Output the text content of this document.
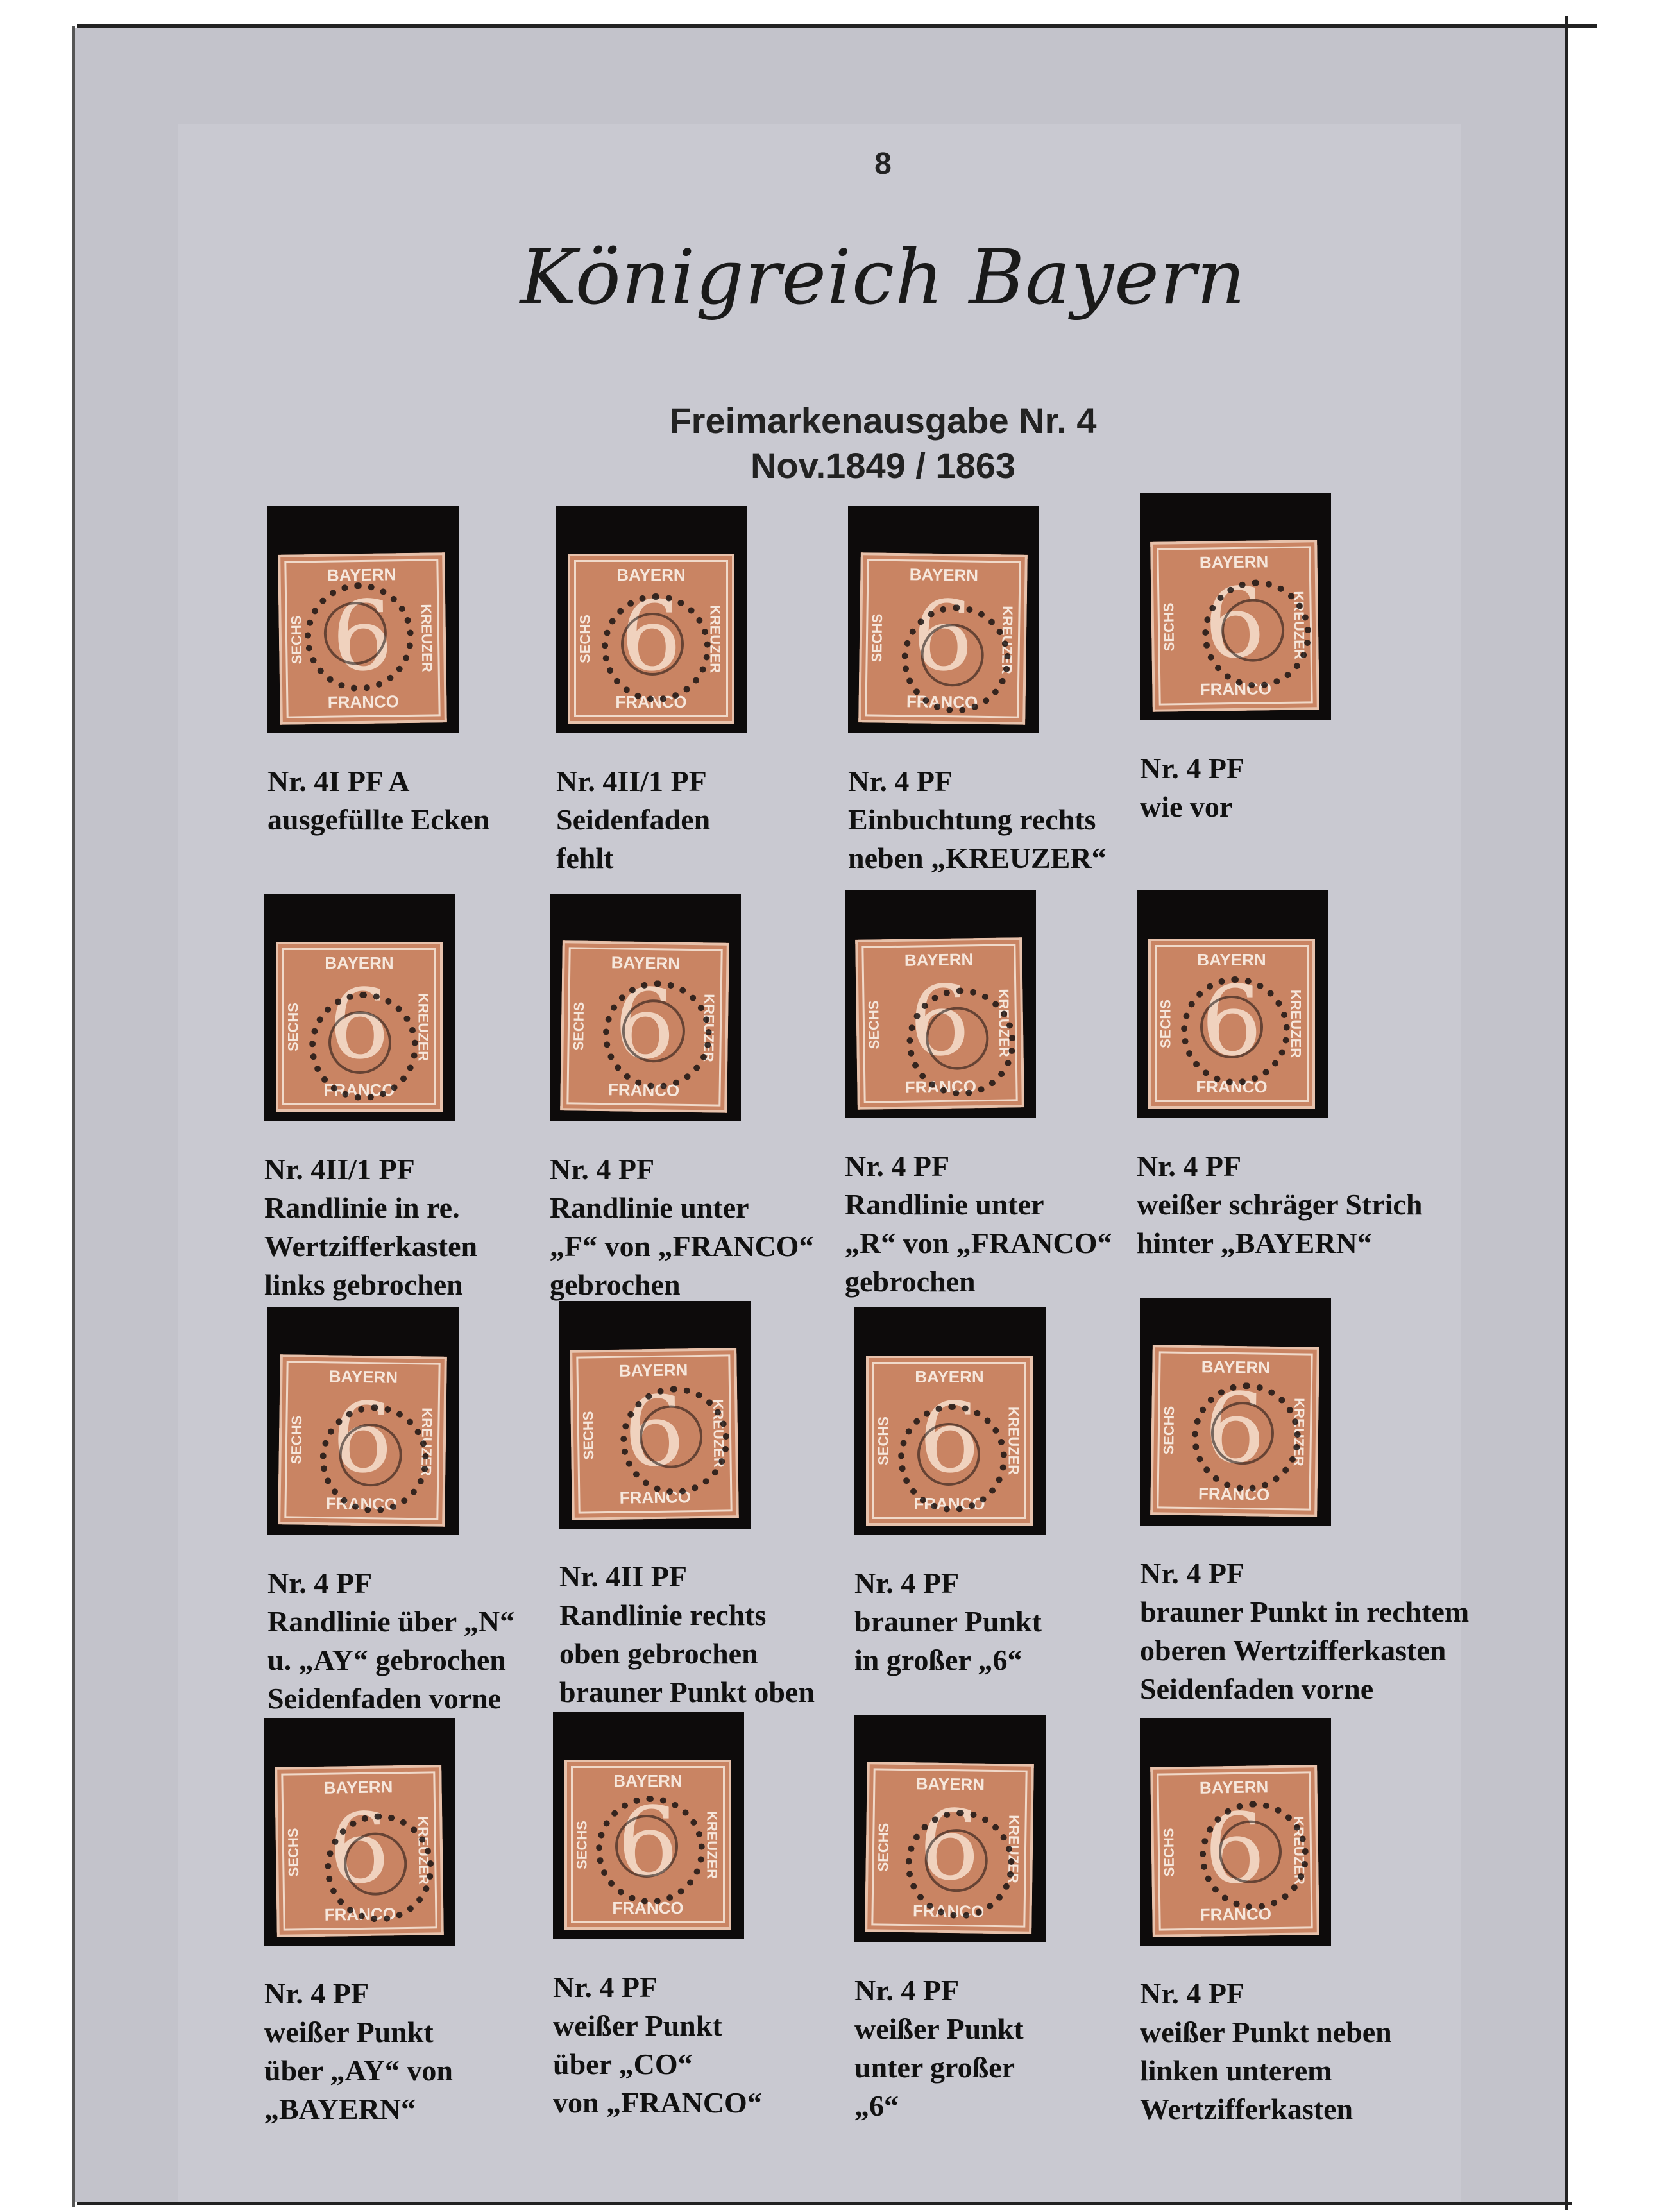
8
Königreich Bayern
Freimarkenausgabe Nr. 4
Nov.1849 / 1863
BAYERN
FRANCO
SECHS	KREUZER
6
Nr. 4I PF A
ausgefüllte Ecken
BAYERN
FRANCO
SECHS	KREUZER
6
Nr. 4II/1 PF
Seidenfaden
fehlt
BAYERN
FRANCO
SECHS	KREUZER
6
Nr. 4 PF
Einbuchtung rechts
neben „KREUZER“
BAYERN
FRANCO
SECHS	KREUZER
6
Nr. 4 PF
wie vor
BAYERN
FRANCO
SECHS	KREUZER
6
Nr. 4II/1 PF
Randlinie in re.
Wertzifferkasten
links gebrochen
BAYERN
FRANCO
SECHS	KREUZER
6
Nr. 4 PF
Randlinie unter
„F“ von „FRANCO“
gebrochen
BAYERN
FRANCO
SECHS	KREUZER
6
Nr. 4 PF
Randlinie unter
„R“ von „FRANCO“
gebrochen
BAYERN
FRANCO
SECHS	KREUZER
6
Nr. 4 PF
weißer schräger Strich
hinter „BAYERN“
BAYERN
FRANCO
SECHS	KREUZER
6
Nr. 4 PF
Randlinie über „N“
u. „AY“ gebrochen
Seidenfaden vorne
BAYERN
FRANCO
SECHS	KREUZER
6
Nr. 4II PF
Randlinie rechts
oben gebrochen
brauner Punkt oben
BAYERN
FRANCO
SECHS	KREUZER
6
Nr. 4 PF
brauner Punkt
in großer „6“
BAYERN
FRANCO
SECHS	KREUZER
6
Nr. 4 PF
brauner Punkt in rechtem
oberen Wertzifferkasten
Seidenfaden vorne
BAYERN
FRANCO
SECHS	KREUZER
6
Nr. 4 PF
weißer Punkt
über „AY“ von
„BAYERN“
BAYERN
FRANCO
SECHS	KREUZER
6
Nr. 4 PF
weißer Punkt
über „CO“
von „FRANCO“
BAYERN
FRANCO
SECHS	KREUZER
6
Nr. 4 PF
weißer Punkt
unter großer
„6“
BAYERN
FRANCO
SECHS	KREUZER
6
Nr. 4 PF
weißer Punkt neben
linken unterem
Wertzifferkasten
